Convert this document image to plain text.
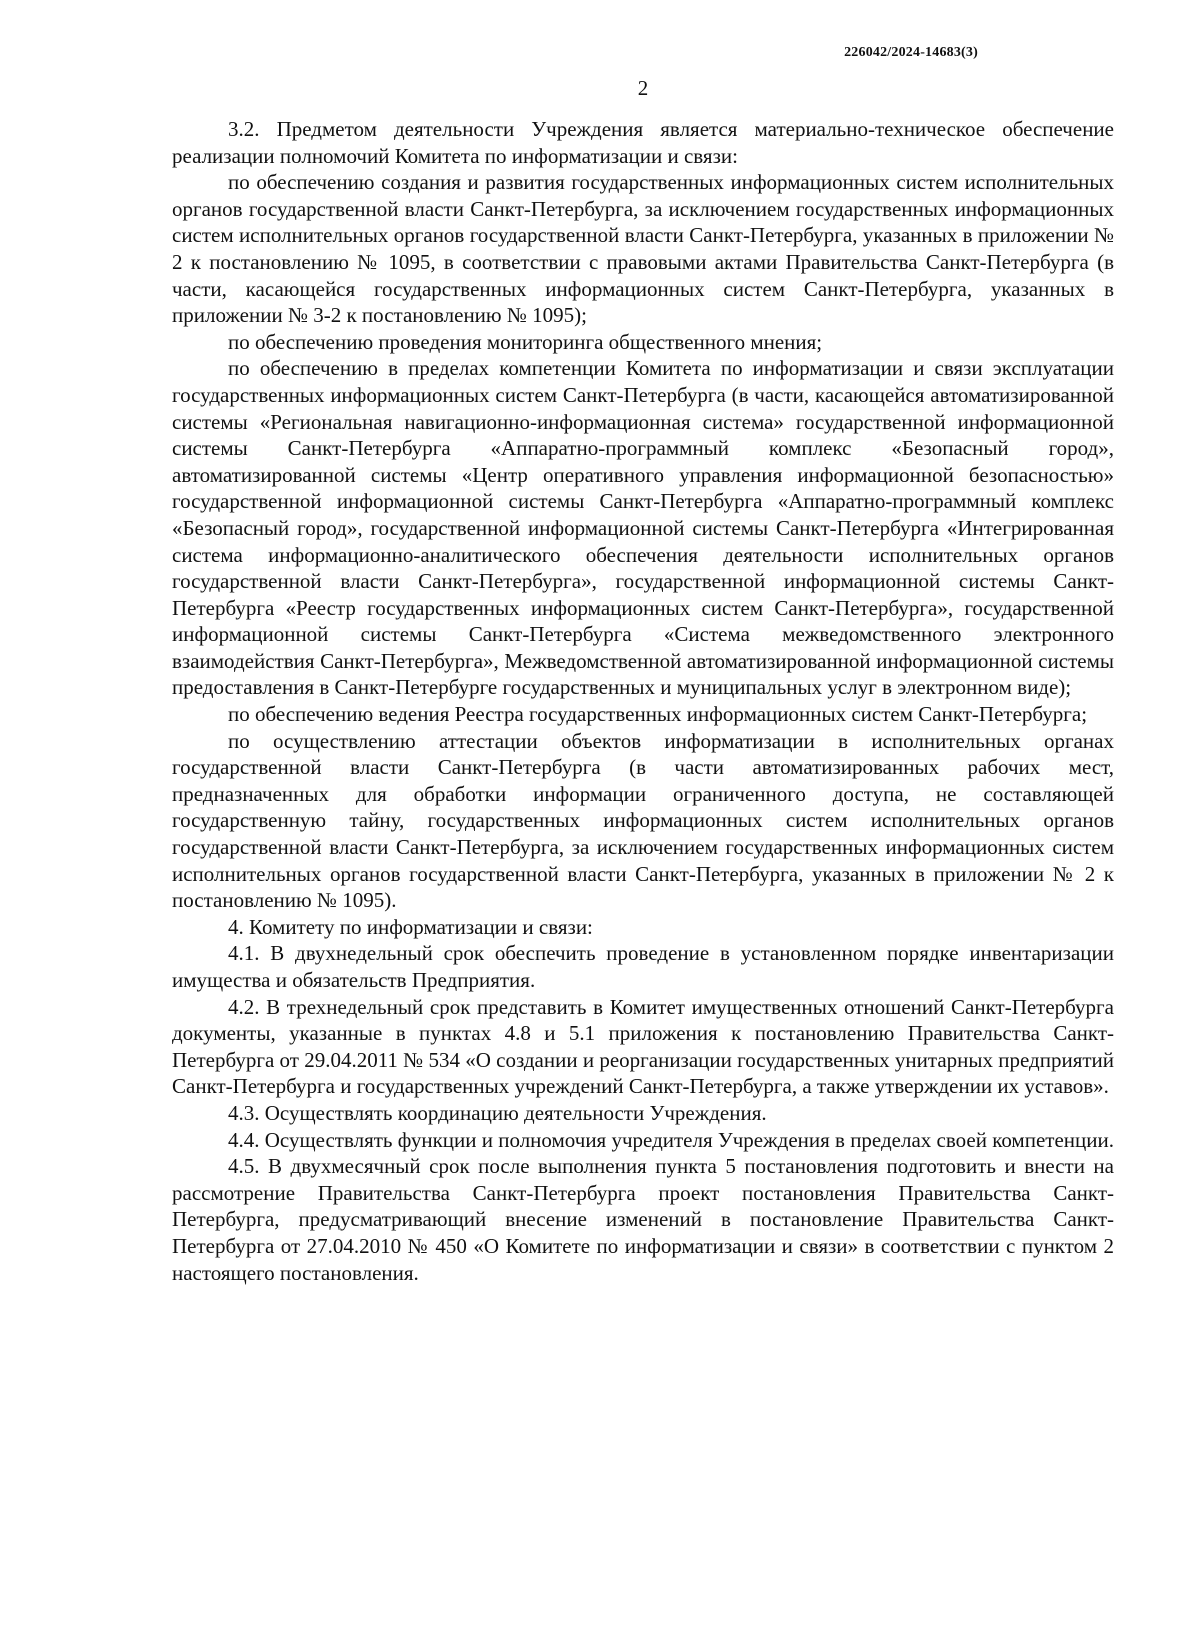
226042/2024-14683(3)
2

3.2. Предметом деятельности Учреждения является материально-техническое обеспечение реализации полномочий Комитета по информатизации и связи:

по обеспечению создания и развития государственных информационных систем исполнительных органов государственной власти Санкт-Петербурга, за исключением государственных информационных систем исполнительных органов государственной власти Санкт-Петербурга, указанных в приложении № 2 к постановлению № 1095, в соответствии с правовыми актами Правительства Санкт-Петербурга (в части, касающейся государственных информационных систем Санкт-Петербурга, указанных в приложении № 3-2 к постановлению № 1095);

по обеспечению проведения мониторинга общественного мнения;

по обеспечению в пределах компетенции Комитета по информатизации и связи эксплуатации государственных информационных систем Санкт-Петербурга (в части, касающейся автоматизированной системы «Региональная навигационно-информационная система» государственной информационной системы Санкт-Петербурга «Аппаратно-программный комплекс «Безопасный город», автоматизированной системы «Центр оперативного управления информационной безопасностью» государственной информационной системы Санкт-Петербурга «Аппаратно-программный комплекс «Безопасный город», государственной информационной системы Санкт-Петербурга «Интегрированная система информационно-аналитического обеспечения деятельности исполнительных органов государственной власти Санкт-Петербурга», государственной информационной системы Санкт-Петербурга «Реестр государственных информационных систем Санкт-Петербурга», государственной информационной системы Санкт-Петербурга «Система межведомственного электронного взаимодействия Санкт-Петербурга», Межведомственной автоматизированной информационной системы предоставления в Санкт-Петербурге государственных и муниципальных услуг в электронном виде);

по обеспечению ведения Реестра государственных информационных систем Санкт-Петербурга;

по осуществлению аттестации объектов информатизации в исполнительных органах государственной власти Санкт-Петербурга (в части автоматизированных рабочих мест, предназначенных для обработки информации ограниченного доступа, не составляющей государственную тайну, государственных информационных систем исполнительных органов государственной власти Санкт-Петербурга, за исключением государственных информационных систем исполнительных органов государственной власти Санкт-Петербурга, указанных в приложении № 2 к постановлению № 1095).

4. Комитету по информатизации и связи:

4.1. В двухнедельный срок обеспечить проведение в установленном порядке инвентаризации имущества и обязательств Предприятия.

4.2. В трехнедельный срок представить в Комитет имущественных отношений Санкт-Петербурга документы, указанные в пунктах 4.8 и 5.1 приложения к постановлению Правительства Санкт-Петербурга от 29.04.2011 № 534 «О создании и реорганизации государственных унитарных предприятий Санкт-Петербурга и государственных учреждений Санкт-Петербурга, а также утверждении их уставов».

4.3. Осуществлять координацию деятельности Учреждения.

4.4. Осуществлять функции и полномочия учредителя Учреждения в пределах своей компетенции.

4.5. В двухмесячный срок после выполнения пункта 5 постановления подготовить и внести на рассмотрение Правительства Санкт-Петербурга проект постановления Правительства Санкт-Петербурга, предусматривающий внесение изменений в постановление Правительства Санкт-Петербурга от 27.04.2010 № 450 «О Комитете по информатизации и связи» в соответствии с пунктом 2 настоящего постановления.
